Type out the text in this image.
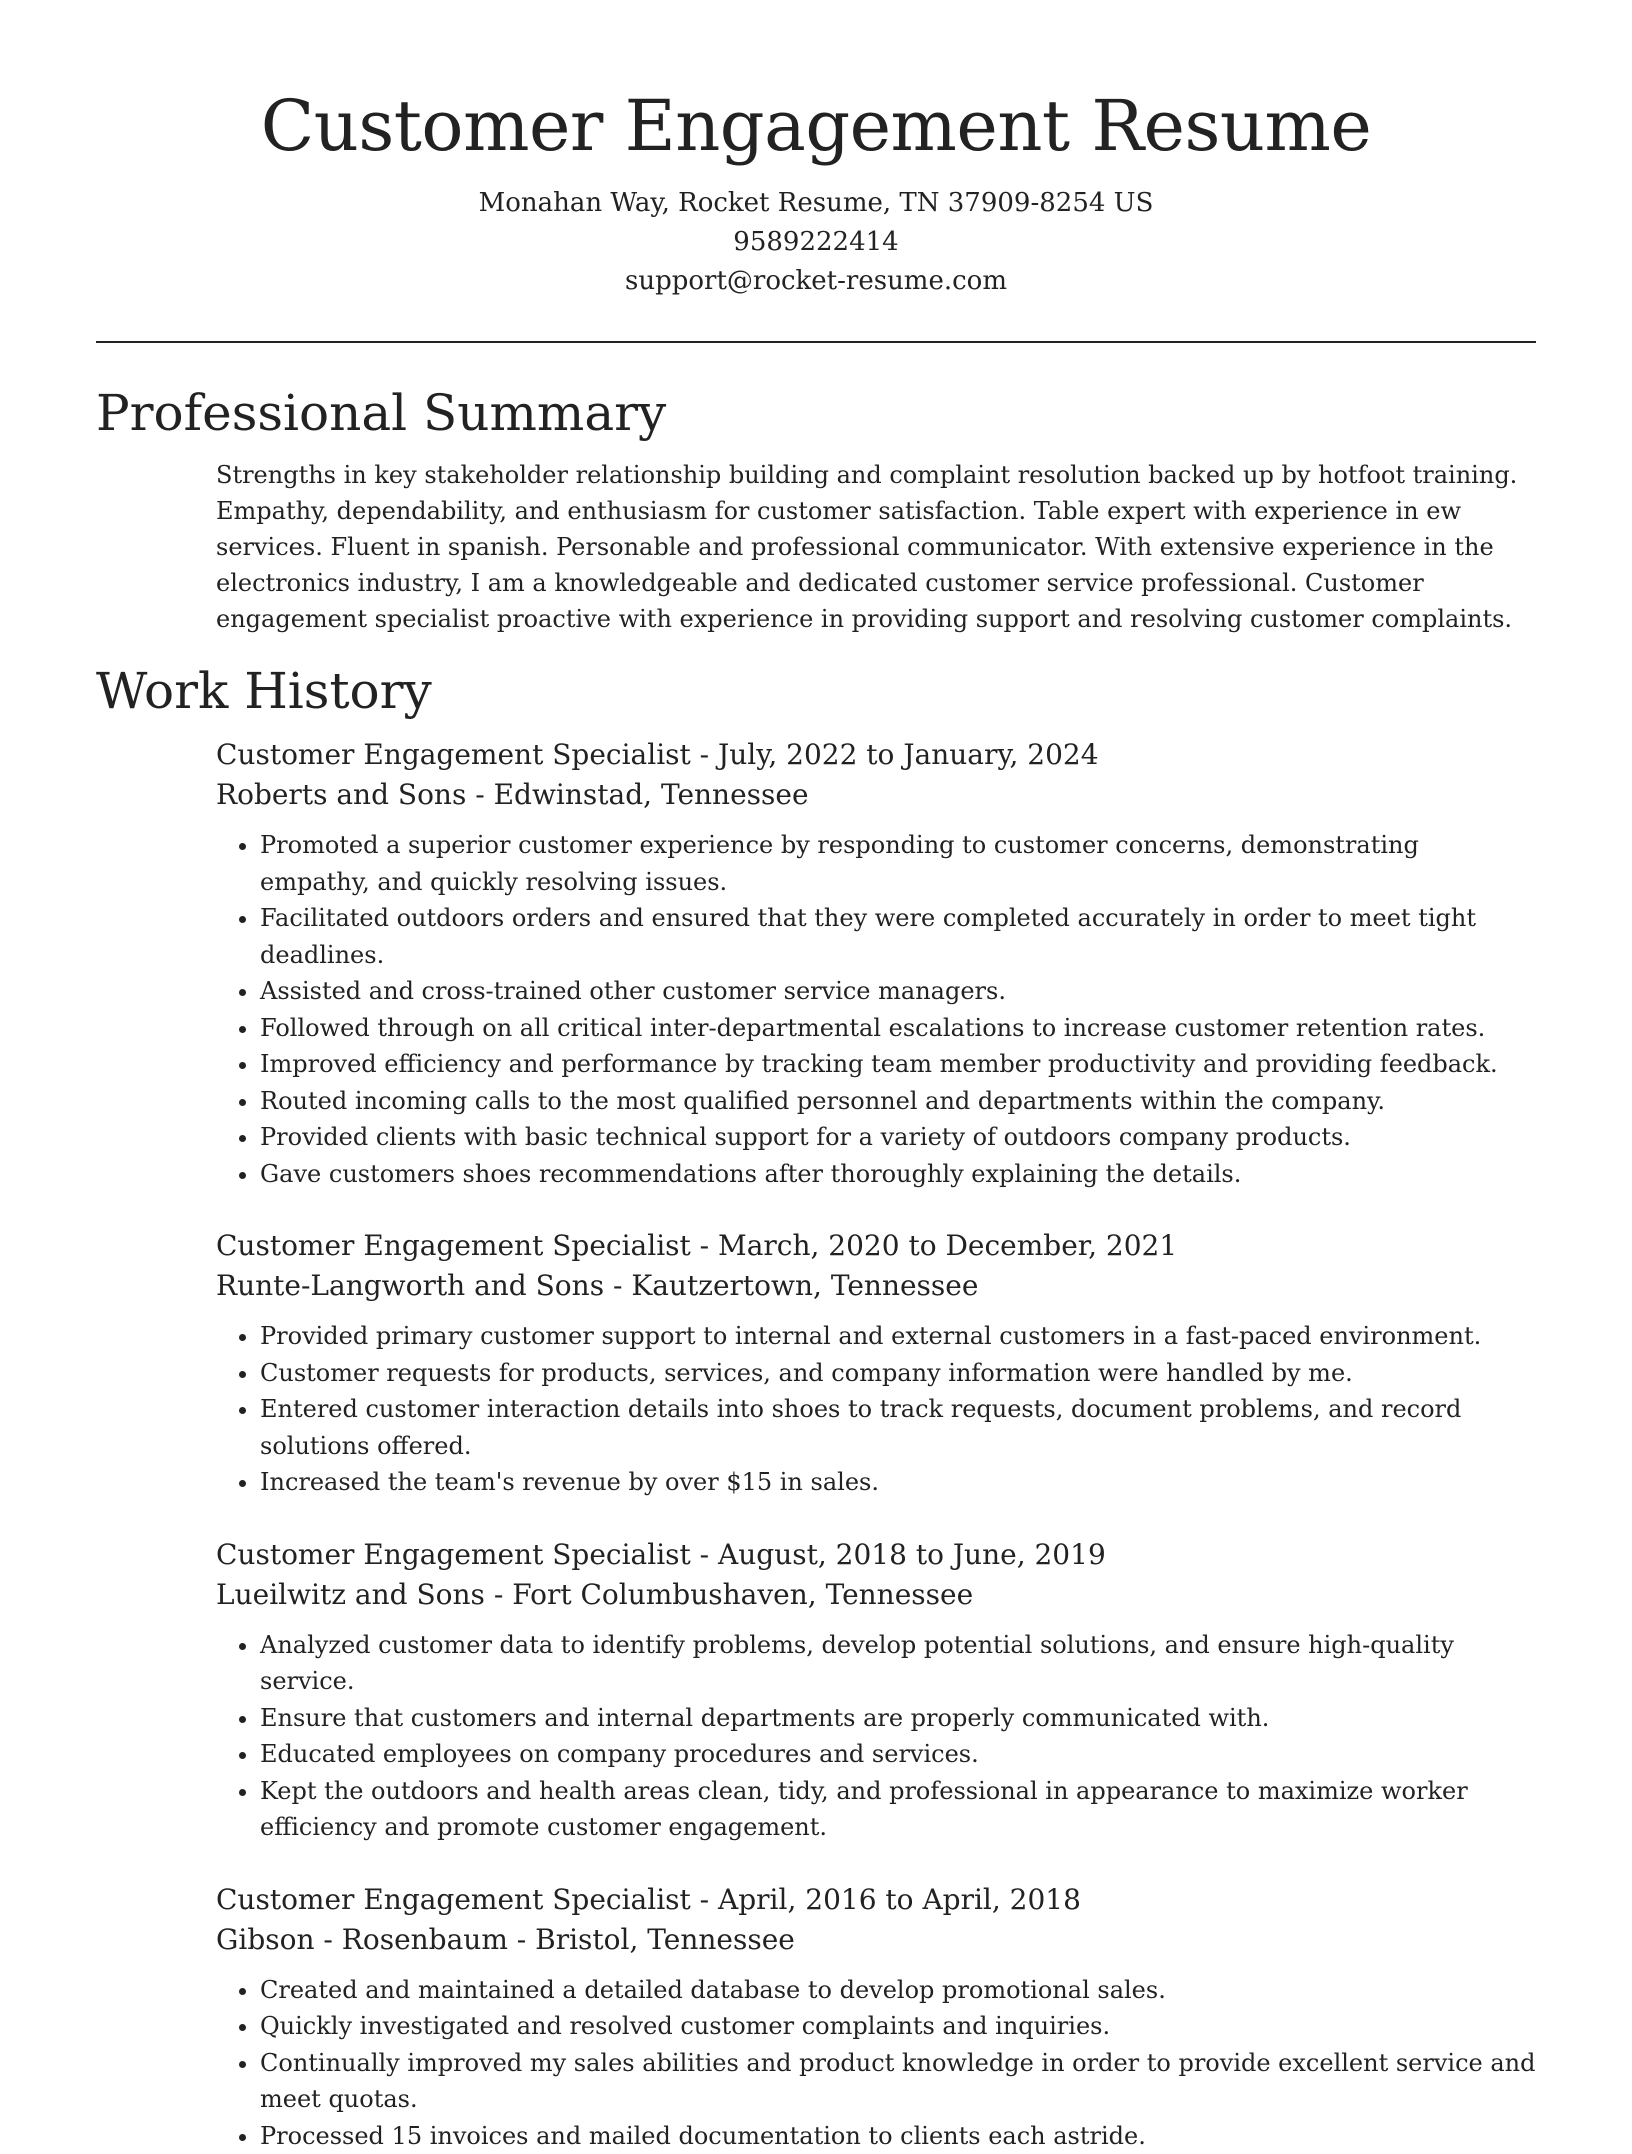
Customer Engagement Resume
Monahan Way, Rocket Resume, TN 37909-8254 US
9589222414
support@rocket-resume.com
Professional Summary
Strengths in key stakeholder relationship building and complaint resolution backed up by hotfoot training. Empathy, dependability, and enthusiasm for customer satisfaction. Table expert with experience in ew services. Fluent in spanish. Personable and professional communicator. With extensive experience in the electronics industry, I am a knowledgeable and dedicated customer service professional. Customer engagement specialist proactive with experience in providing support and resolving customer complaints.
Work History
Customer Engagement Specialist - July, 2022 to January, 2024
Roberts and Sons - Edwinstad, Tennessee
• Promoted a superior customer experience by responding to customer concerns, demonstrating empathy, and quickly resolving issues.
• Facilitated outdoors orders and ensured that they were completed accurately in order to meet tight deadlines.
• Assisted and cross-trained other customer service managers.
• Followed through on all critical inter-departmental escalations to increase customer retention rates.
• Improved efficiency and performance by tracking team member productivity and providing feedback.
• Routed incoming calls to the most qualified personnel and departments within the company.
• Provided clients with basic technical support for a variety of outdoors company products.
• Gave customers shoes recommendations after thoroughly explaining the details.
Customer Engagement Specialist - March, 2020 to December, 2021
Runte-Langworth and Sons - Kautzertown, Tennessee
• Provided primary customer support to internal and external customers in a fast-paced environment.
• Customer requests for products, services, and company information were handled by me.
• Entered customer interaction details into shoes to track requests, document problems, and record solutions offered.
• Increased the team's revenue by over $15 in sales.
Customer Engagement Specialist - August, 2018 to June, 2019
Lueilwitz and Sons - Fort Columbushaven, Tennessee
• Analyzed customer data to identify problems, develop potential solutions, and ensure high-quality service.
• Ensure that customers and internal departments are properly communicated with.
• Educated employees on company procedures and services.
• Kept the outdoors and health areas clean, tidy, and professional in appearance to maximize worker efficiency and promote customer engagement.
Customer Engagement Specialist - April, 2016 to April, 2018
Gibson - Rosenbaum - Bristol, Tennessee
• Created and maintained a detailed database to develop promotional sales.
• Quickly investigated and resolved customer complaints and inquiries.
• Continually improved my sales abilities and product knowledge in order to provide excellent service and meet quotas.
• Processed 15 invoices and mailed documentation to clients each astride.
